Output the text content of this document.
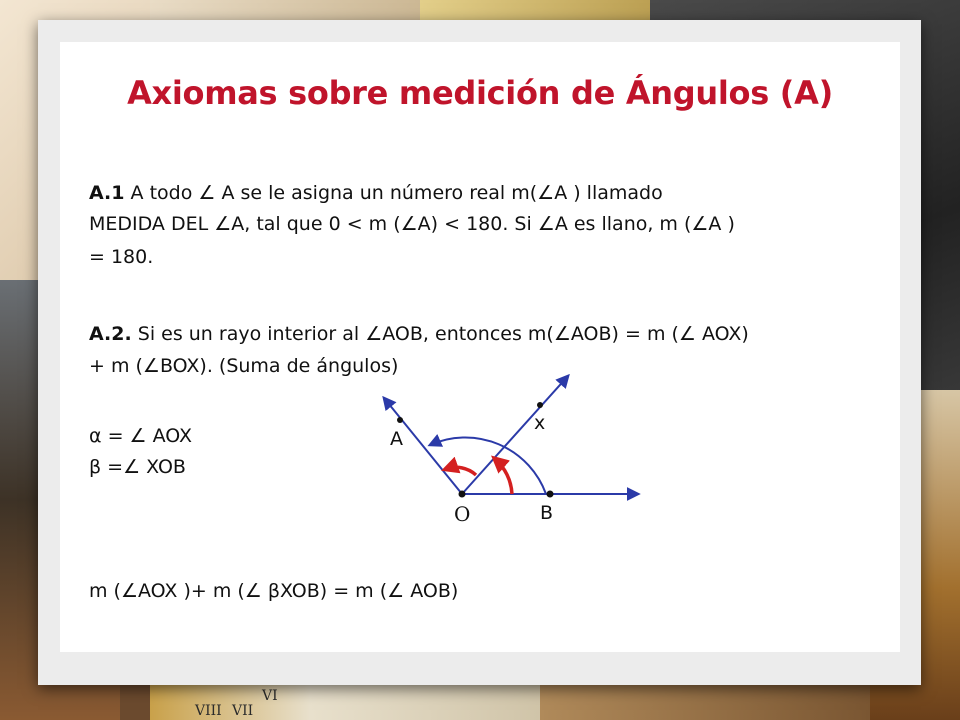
VI
VIII VII
Axiomas sobre medición de Ángulos (A)
A.1 A todo ∠ A se le asigna un número real m(∠A ) llamado
MEDIDA DEL ∠A, tal que 0 < m (∠A) < 180. Si ∠A es llano, m (∠A )
= 180.
A.2. Si es un rayo interior al ∠AOB, entonces m(∠AOB) = m (∠ AOX)
+ m (∠BOX). (Suma de ángulos)
α = ∠ AOX
β =∠ XOB
m (∠AOX )+ m (∠ βXOB) = m (∠ AOB)
A
x
O	B
